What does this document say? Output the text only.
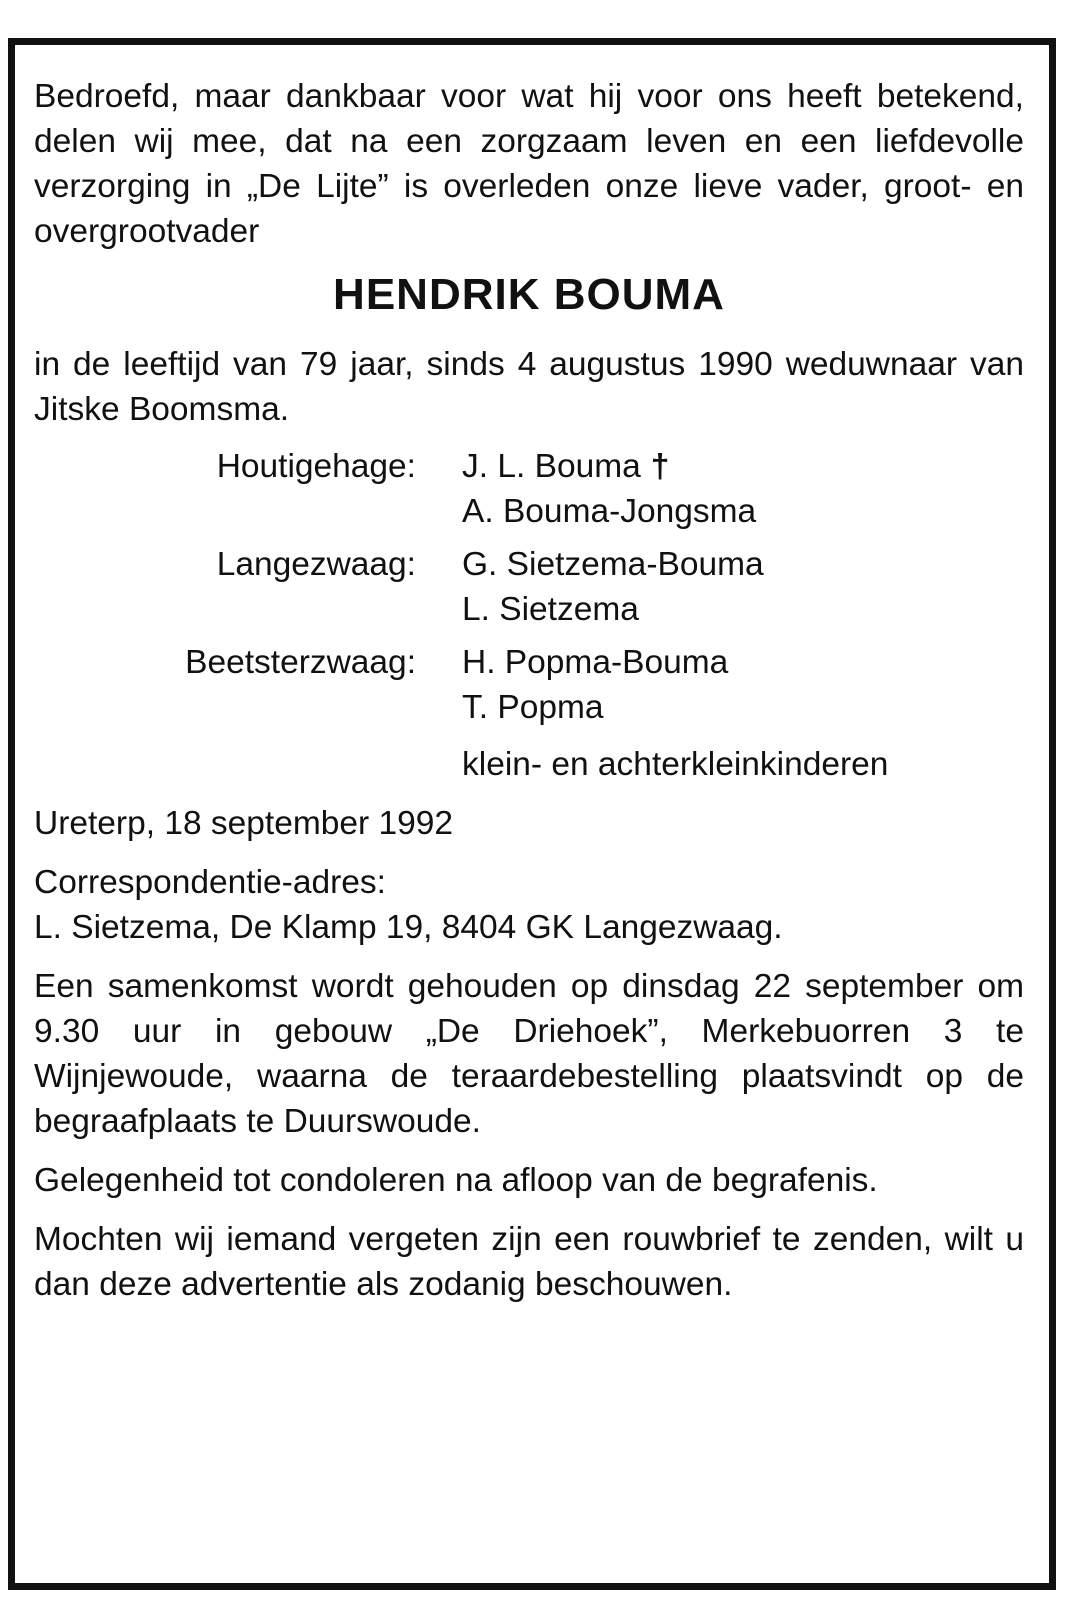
Bedroefd, maar dankbaar voor wat hij voor ons heeft betekend, delen wij mee, dat na een zorgzaam leven en een liefdevolle verzorging in „De Lijte” is overleden onze lieve vader, groot- en overgrootvader

HENDRIK BOUMA

in de leeftijd van 79 jaar, sinds 4 augustus 1990 weduwnaar van Jitske Boomsma.

Houtigehage: J. L. Bouma †
A. Bouma-Jongsma
Langezwaag: G. Sietzema-Bouma
L. Sietzema
Beetsterzwaag: H. Popma-Bouma
T. Popma
klein- en achterkleinkinderen
Ureterp, 18 september 1992
Correspondentie-adres:
L. Sietzema, De Klamp 19, 8404 GK Langezwaag.

Een samenkomst wordt gehouden op dinsdag 22 september om 9.30 uur in gebouw „De Driehoek”, Merkebuorren 3 te Wijnjewoude, waarna de teraardebestelling plaatsvindt op de begraafplaats te Duurswoude.

Gelegenheid tot condoleren na afloop van de begrafenis.

Mochten wij iemand vergeten zijn een rouwbrief te zenden, wilt u dan deze advertentie als zodanig beschouwen.
